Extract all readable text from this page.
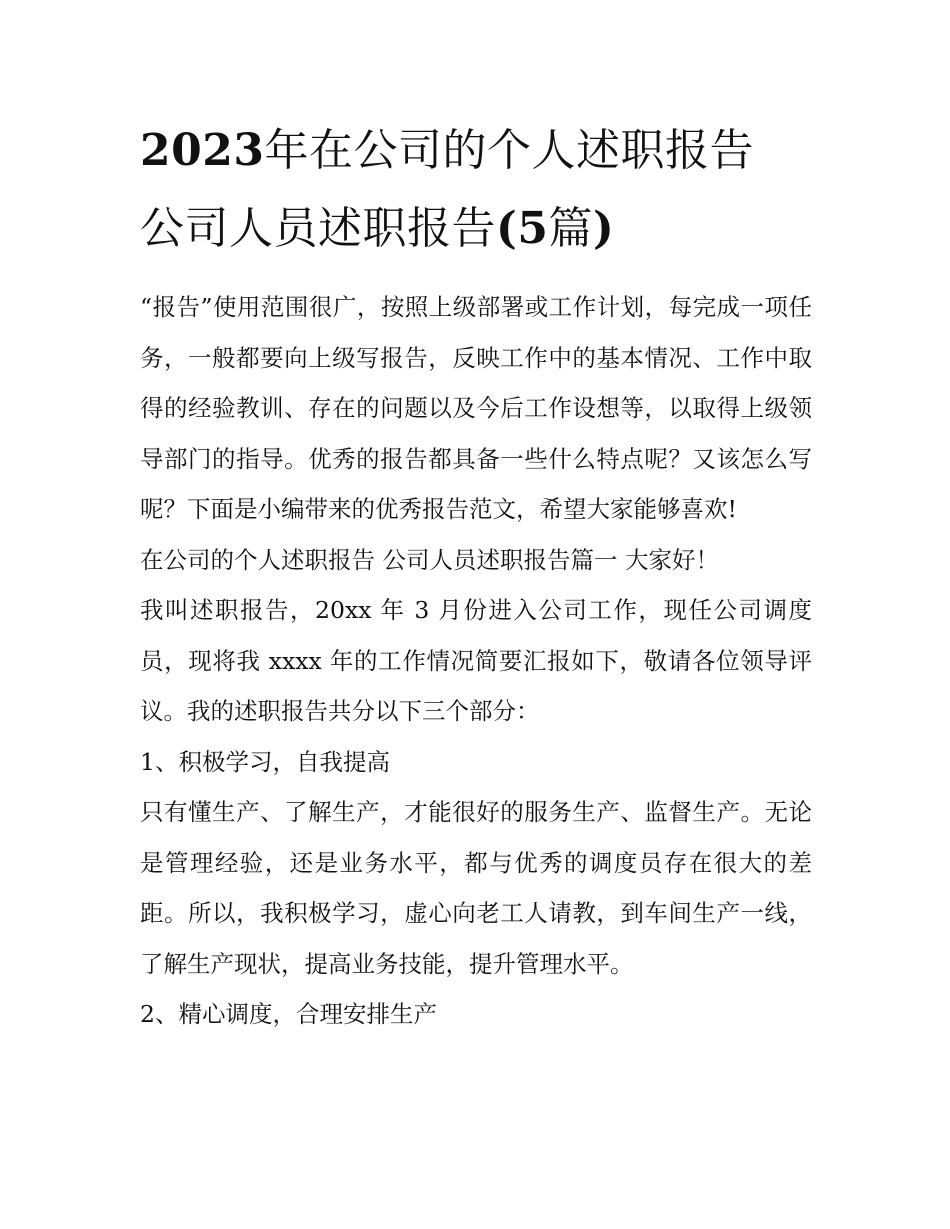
2023年在公司的个人述职报告
公司人员述职报告(5篇)

“报告”使用范围很广，按照上级部署或工作计划，每完成一项任务，一般都要向上级写报告，反映工作中的基本情况、工作中取得的经验教训、存在的问题以及今后工作设想等，以取得上级领导部门的指导。优秀的报告都具备一些什么特点呢？又该怎么写呢？下面是小编带来的优秀报告范文，希望大家能够喜欢!

在公司的个人述职报告 公司人员述职报告篇一 大家好！

我叫述职报告，20xx 年 3 月份进入公司工作，现任公司调度员，现将我 xxxx 年的工作情况简要汇报如下，敬请各位领导评议。我的述职报告共分以下三个部分：

1、积极学习，自我提高

只有懂生产、了解生产，才能很好的服务生产、监督生产。无论是管理经验，还是业务水平，都与优秀的调度员存在很大的差距。所以，我积极学习，虚心向老工人请教，到车间生产一线，了解生产现状，提高业务技能，提升管理水平。

2、精心调度，合理安排生产
